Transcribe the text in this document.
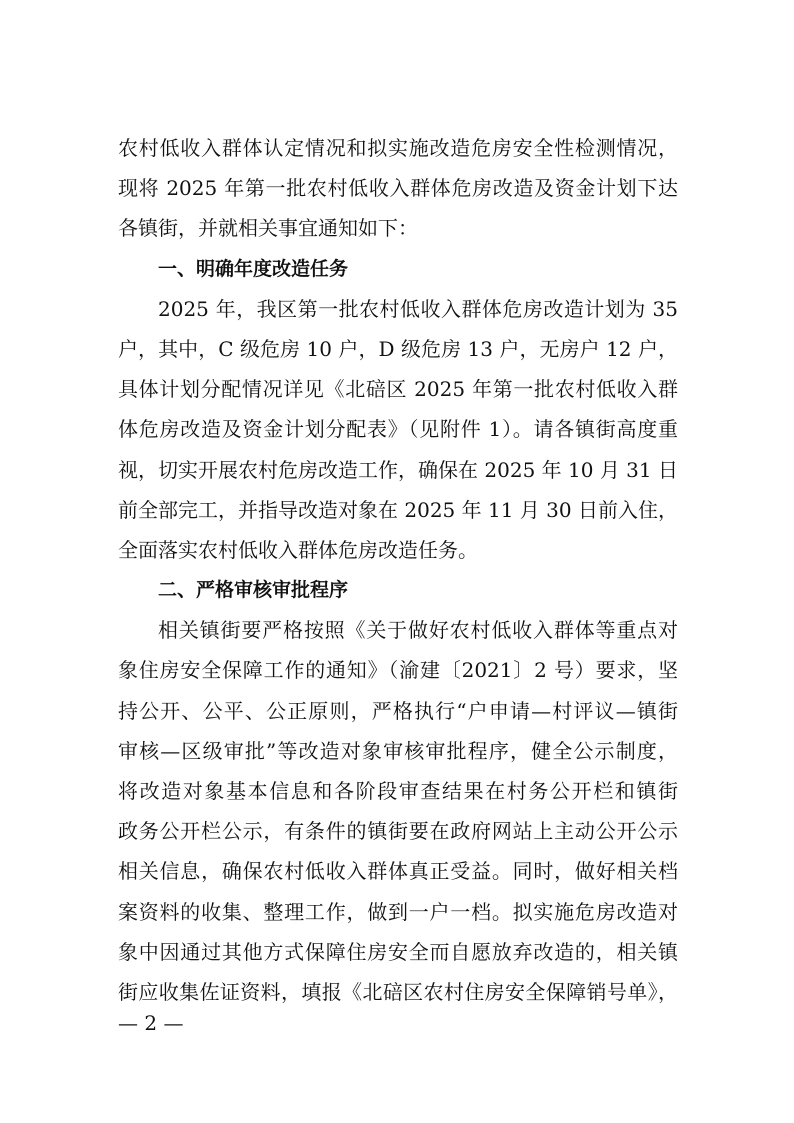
农村低收入群体认定情况和拟实施改造危房安全性检测情况，
现将 2025 年第一批农村低收入群体危房改造及资金计划下达
各镇街，并就相关事宜通知如下：
一、明确年度改造任务
2025 年，我区第一批农村低收入群体危房改造计划为 35
户，其中，C 级危房 10 户，D 级危房 13 户，无房户 12 户，
具体计划分配情况详见《北碚区 2025 年第一批农村低收入群
体危房改造及资金计划分配表》（见附件 1）。请各镇街高度重
视，切实开展农村危房改造工作，确保在 2025 年 10 月 31 日
前全部完工，并指导改造对象在 2025 年 11 月 30 日前入住，
全面落实农村低收入群体危房改造任务。
二、严格审核审批程序
相关镇街要严格按照《关于做好农村低收入群体等重点对
象住房安全保障工作的通知》（渝建〔2021〕2 号）要求，坚
持公开、公平、公正原则，严格执行“户申请—村评议—镇街
审核—区级审批”等改造对象审核审批程序，健全公示制度，
将改造对象基本信息和各阶段审查结果在村务公开栏和镇街
政务公开栏公示，有条件的镇街要在政府网站上主动公开公示
相关信息，确保农村低收入群体真正受益。同时，做好相关档
案资料的收集、整理工作，做到一户一档。拟实施危房改造对
象中因通过其他方式保障住房安全而自愿放弃改造的，相关镇
街应收集佐证资料，填报《北碚区农村住房安全保障销号单》，
— 2 —
